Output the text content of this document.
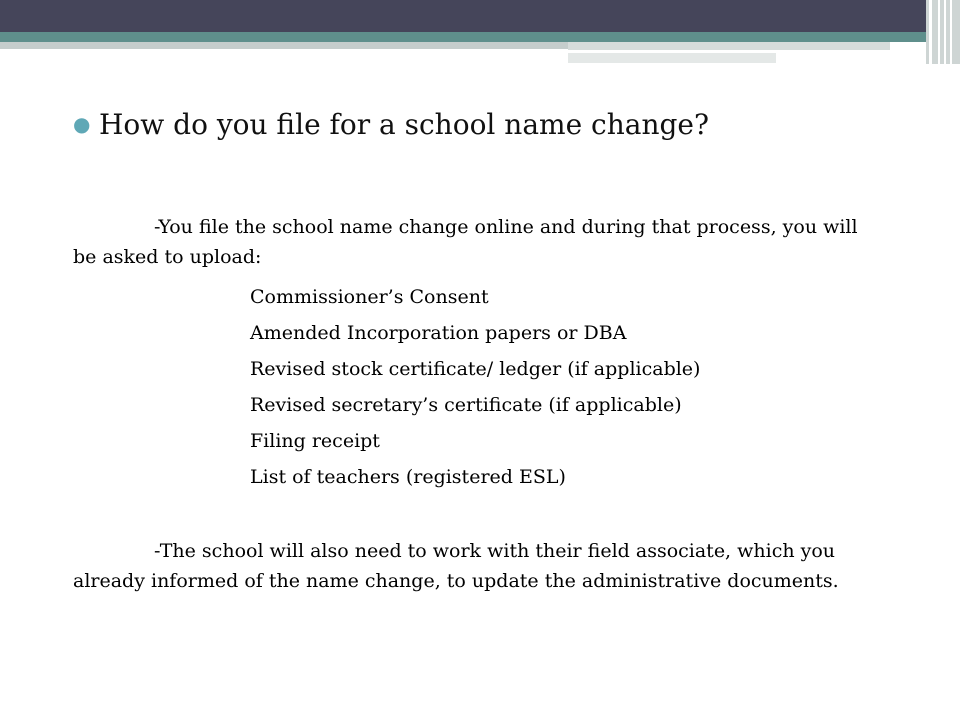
● How do you file for a school name change?

-You file the school name change online and during that process, you will be asked to upload:

Commissioner’s Consent
Amended Incorporation papers or DBA
Revised stock certificate/ ledger (if applicable)
Revised secretary’s certificate (if applicable)
Filing receipt
List of teachers (registered ESL)

-The school will also need to work with their field associate, which you already informed of the name change, to update the administrative documents.
